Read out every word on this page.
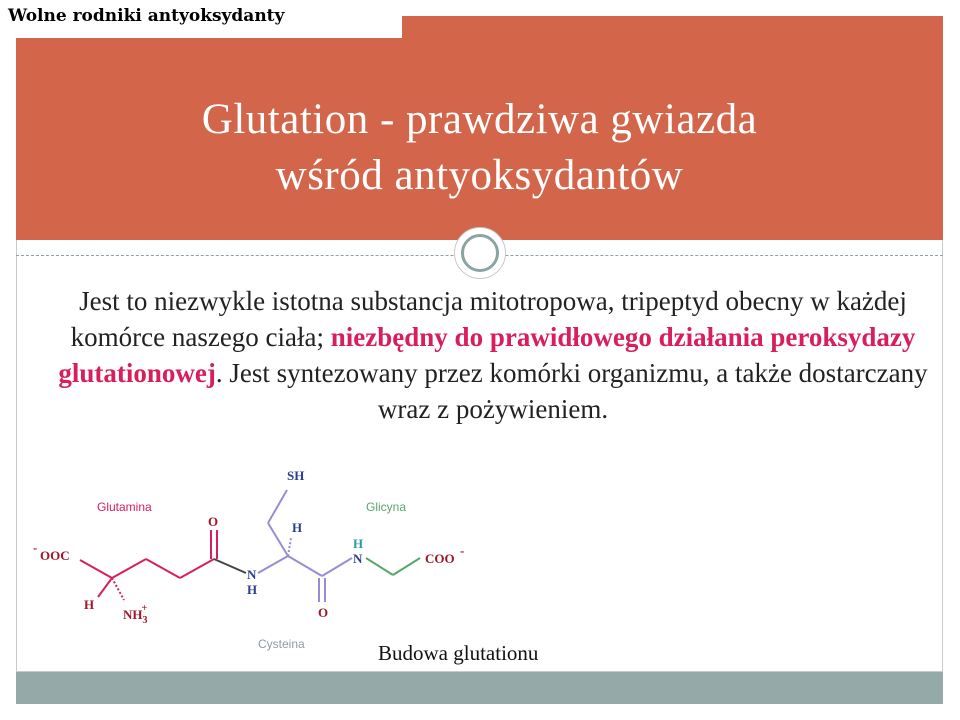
Wolne rodniki antyoksydanty
Glutation - prawdziwa gwiazda
wśród antyoksydantów
Jest to niezwykle istotna substancja mitotropowa, tripeptyd obecny w każdej komórce naszego ciała; niezbędny do prawidłowego działania peroksydazy glutationowej. Jest syntezowany przez komórki organizmu, a także dostarczany wraz z pożywieniem.
Glutamina	Glicyna
Cysteina
-
OOC
H
$NH_3+$
O
N
H
SH
H
O
H
N	COO
-
Budowa glutationu
